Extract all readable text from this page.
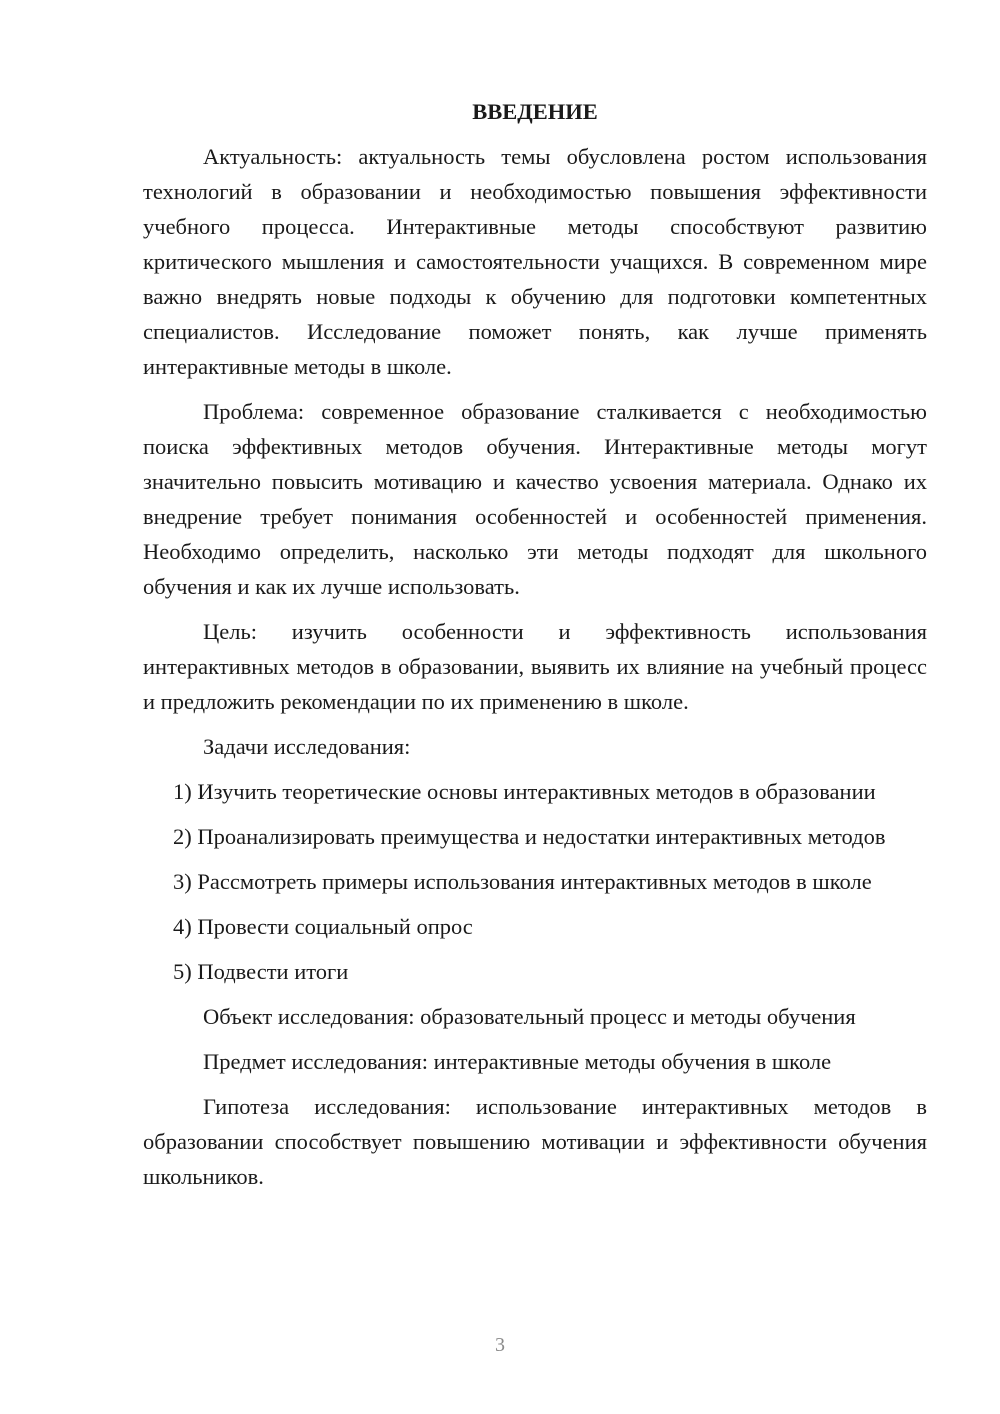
ВВЕДЕНИЕ

Актуальность: актуальность темы обусловлена ростом использования технологий в образовании и необходимостью повышения эффективности учебного процесса. Интерактивные методы способствуют развитию критического мышления и самостоятельности учащихся. В современном мире важно внедрять новые подходы к обучению для подготовки компетентных специалистов. Исследование поможет понять, как лучше применять интерактивные методы в школе.

Проблема: современное образование сталкивается с необходимостью поиска эффективных методов обучения. Интерактивные методы могут значительно повысить мотивацию и качество усвоения материала. Однако их внедрение требует понимания особенностей и особенностей применения. Необходимо определить, насколько эти методы подходят для школьного обучения и как их лучше использовать.

Цель: изучить особенности и эффективность использования интерактивных методов в образовании, выявить их влияние на учебный процесс и предложить рекомендации по их применению в школе.

Задачи исследования:

1) Изучить теоретические основы интерактивных методов в образовании

2) Проанализировать преимущества и недостатки интерактивных методов

3) Рассмотреть примеры использования интерактивных методов в школе

4) Провести социальный опрос

5) Подвести итоги

Объект исследования: образовательный процесс и методы обучения

Предмет исследования: интерактивные методы обучения в школе

Гипотеза исследования: использование интерактивных методов в образовании способствует повышению мотивации и эффективности обучения школьников.

3
